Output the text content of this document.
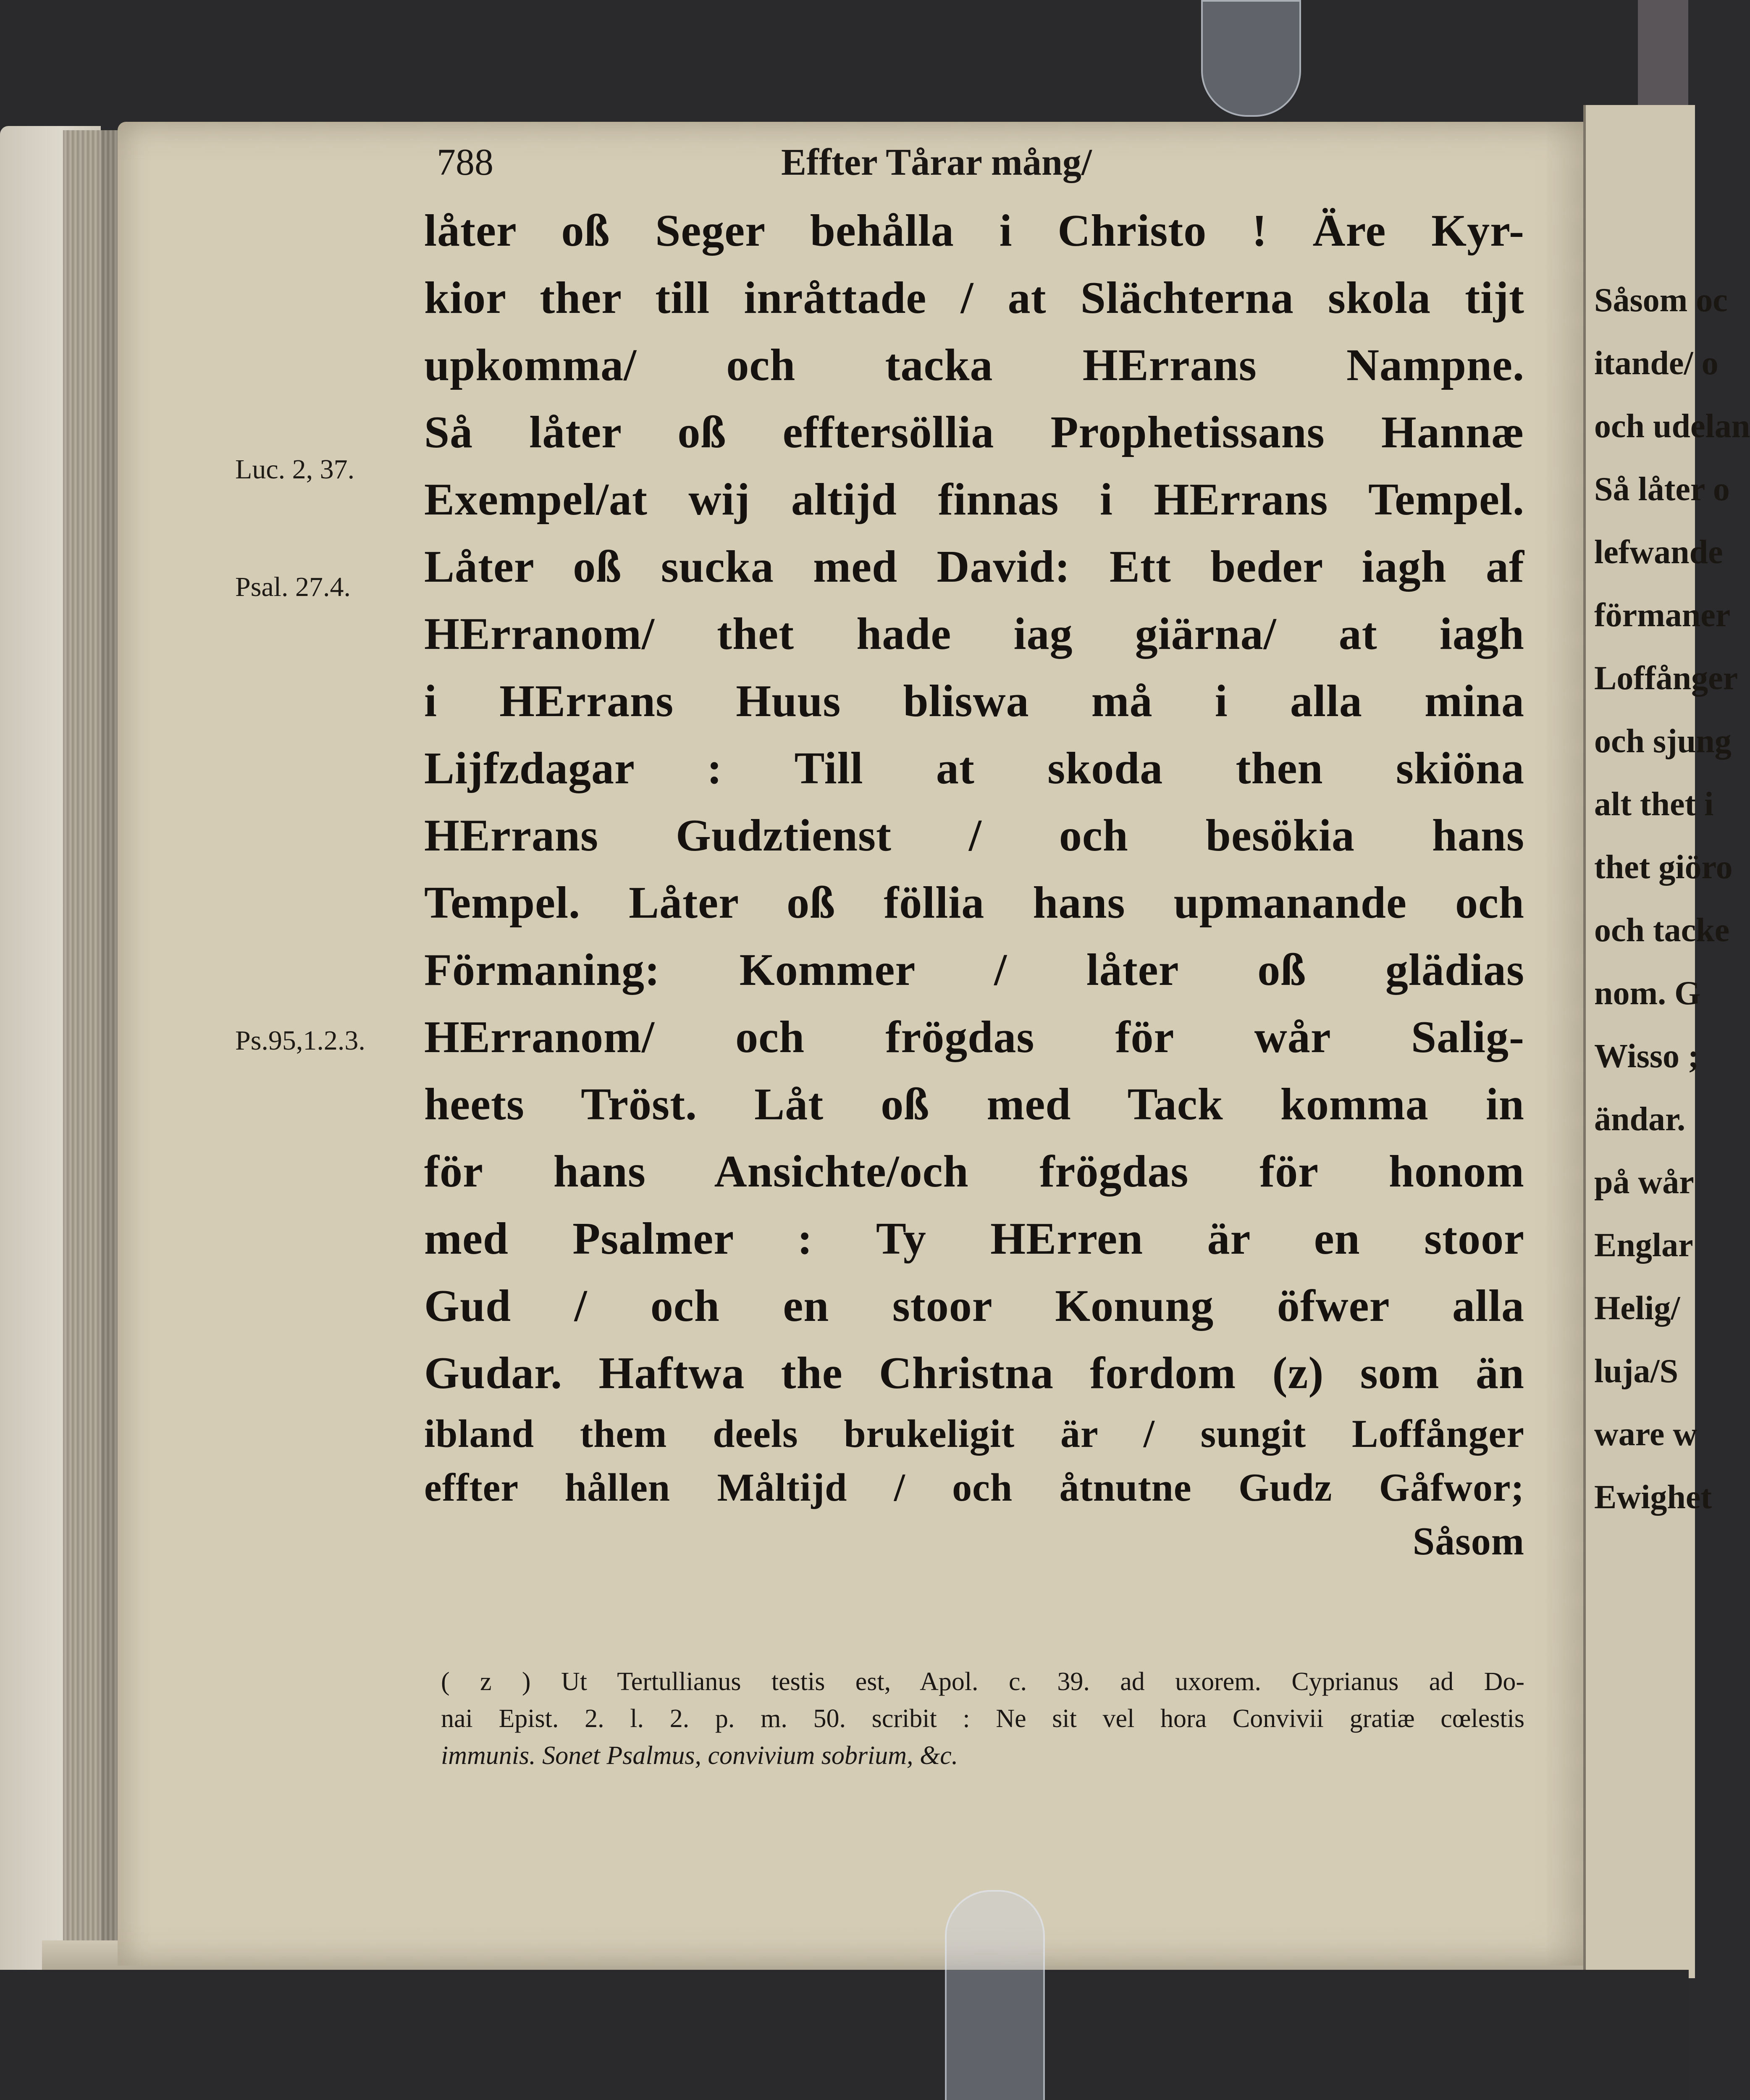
Såsom oc
itande/ o
och udelan
Så låter o
lefwande
förmaner
Loffånger
och sjung
alt thet i
thet giöro
och tacke
nom. G
Wisso ;
ändar.
på wår
Englar
Helig/
luja/S
ware w
Ewighet
788	Effter Tårar mång/
låter oß Seger behålla i Christo ! Äre Kyr-
kior ther till inråttade / at Slächterna skola tijt
upkomma/ och tacka HErrans Nampne.
Så låter oß efftersöllia Prophetissans Hannæ
Exempel/at wij altijd finnas i HErrans Tempel.
Låter oß sucka med David: Ett beder iagh af
HErranom/ thet hade iag giärna/ at iagh
i HErrans Huus bliswa må i alla mina
Lijfzdagar : Till at skoda then skiöna
HErrans Gudztienst / och besökia hans
Tempel. Låter oß föllia hans upmanande och
Förmaning: Kommer / låter oß glädias
HErranom/ och frögdas för wår Salig-
heets Tröst. Låt oß med Tack komma in
för hans Ansichte/och frögdas för honom
med Psalmer : Ty HErren är en stoor
Gud / och en stoor Konung öfwer alla
Gudar. Haftwa the Christna fordom (z) som än
ibland them deels brukeligit är / sungit Loffånger
effter hållen Måltijd / och åtnutne Gudz Gåfwor;
Såsom
Luc. 2, 37.
Psal. 27.4.
Ps.95,1.2.3.
( z ) Ut Tertullianus testis est, Apol. c. 39. ad uxorem. Cyprianus ad Do-
nai Epist. 2. l. 2. p. m. 50. scribit : Ne sit vel hora Convivii gratiæ cœlestis
immunis. Sonet Psalmus, convivium sobrium, &c.
